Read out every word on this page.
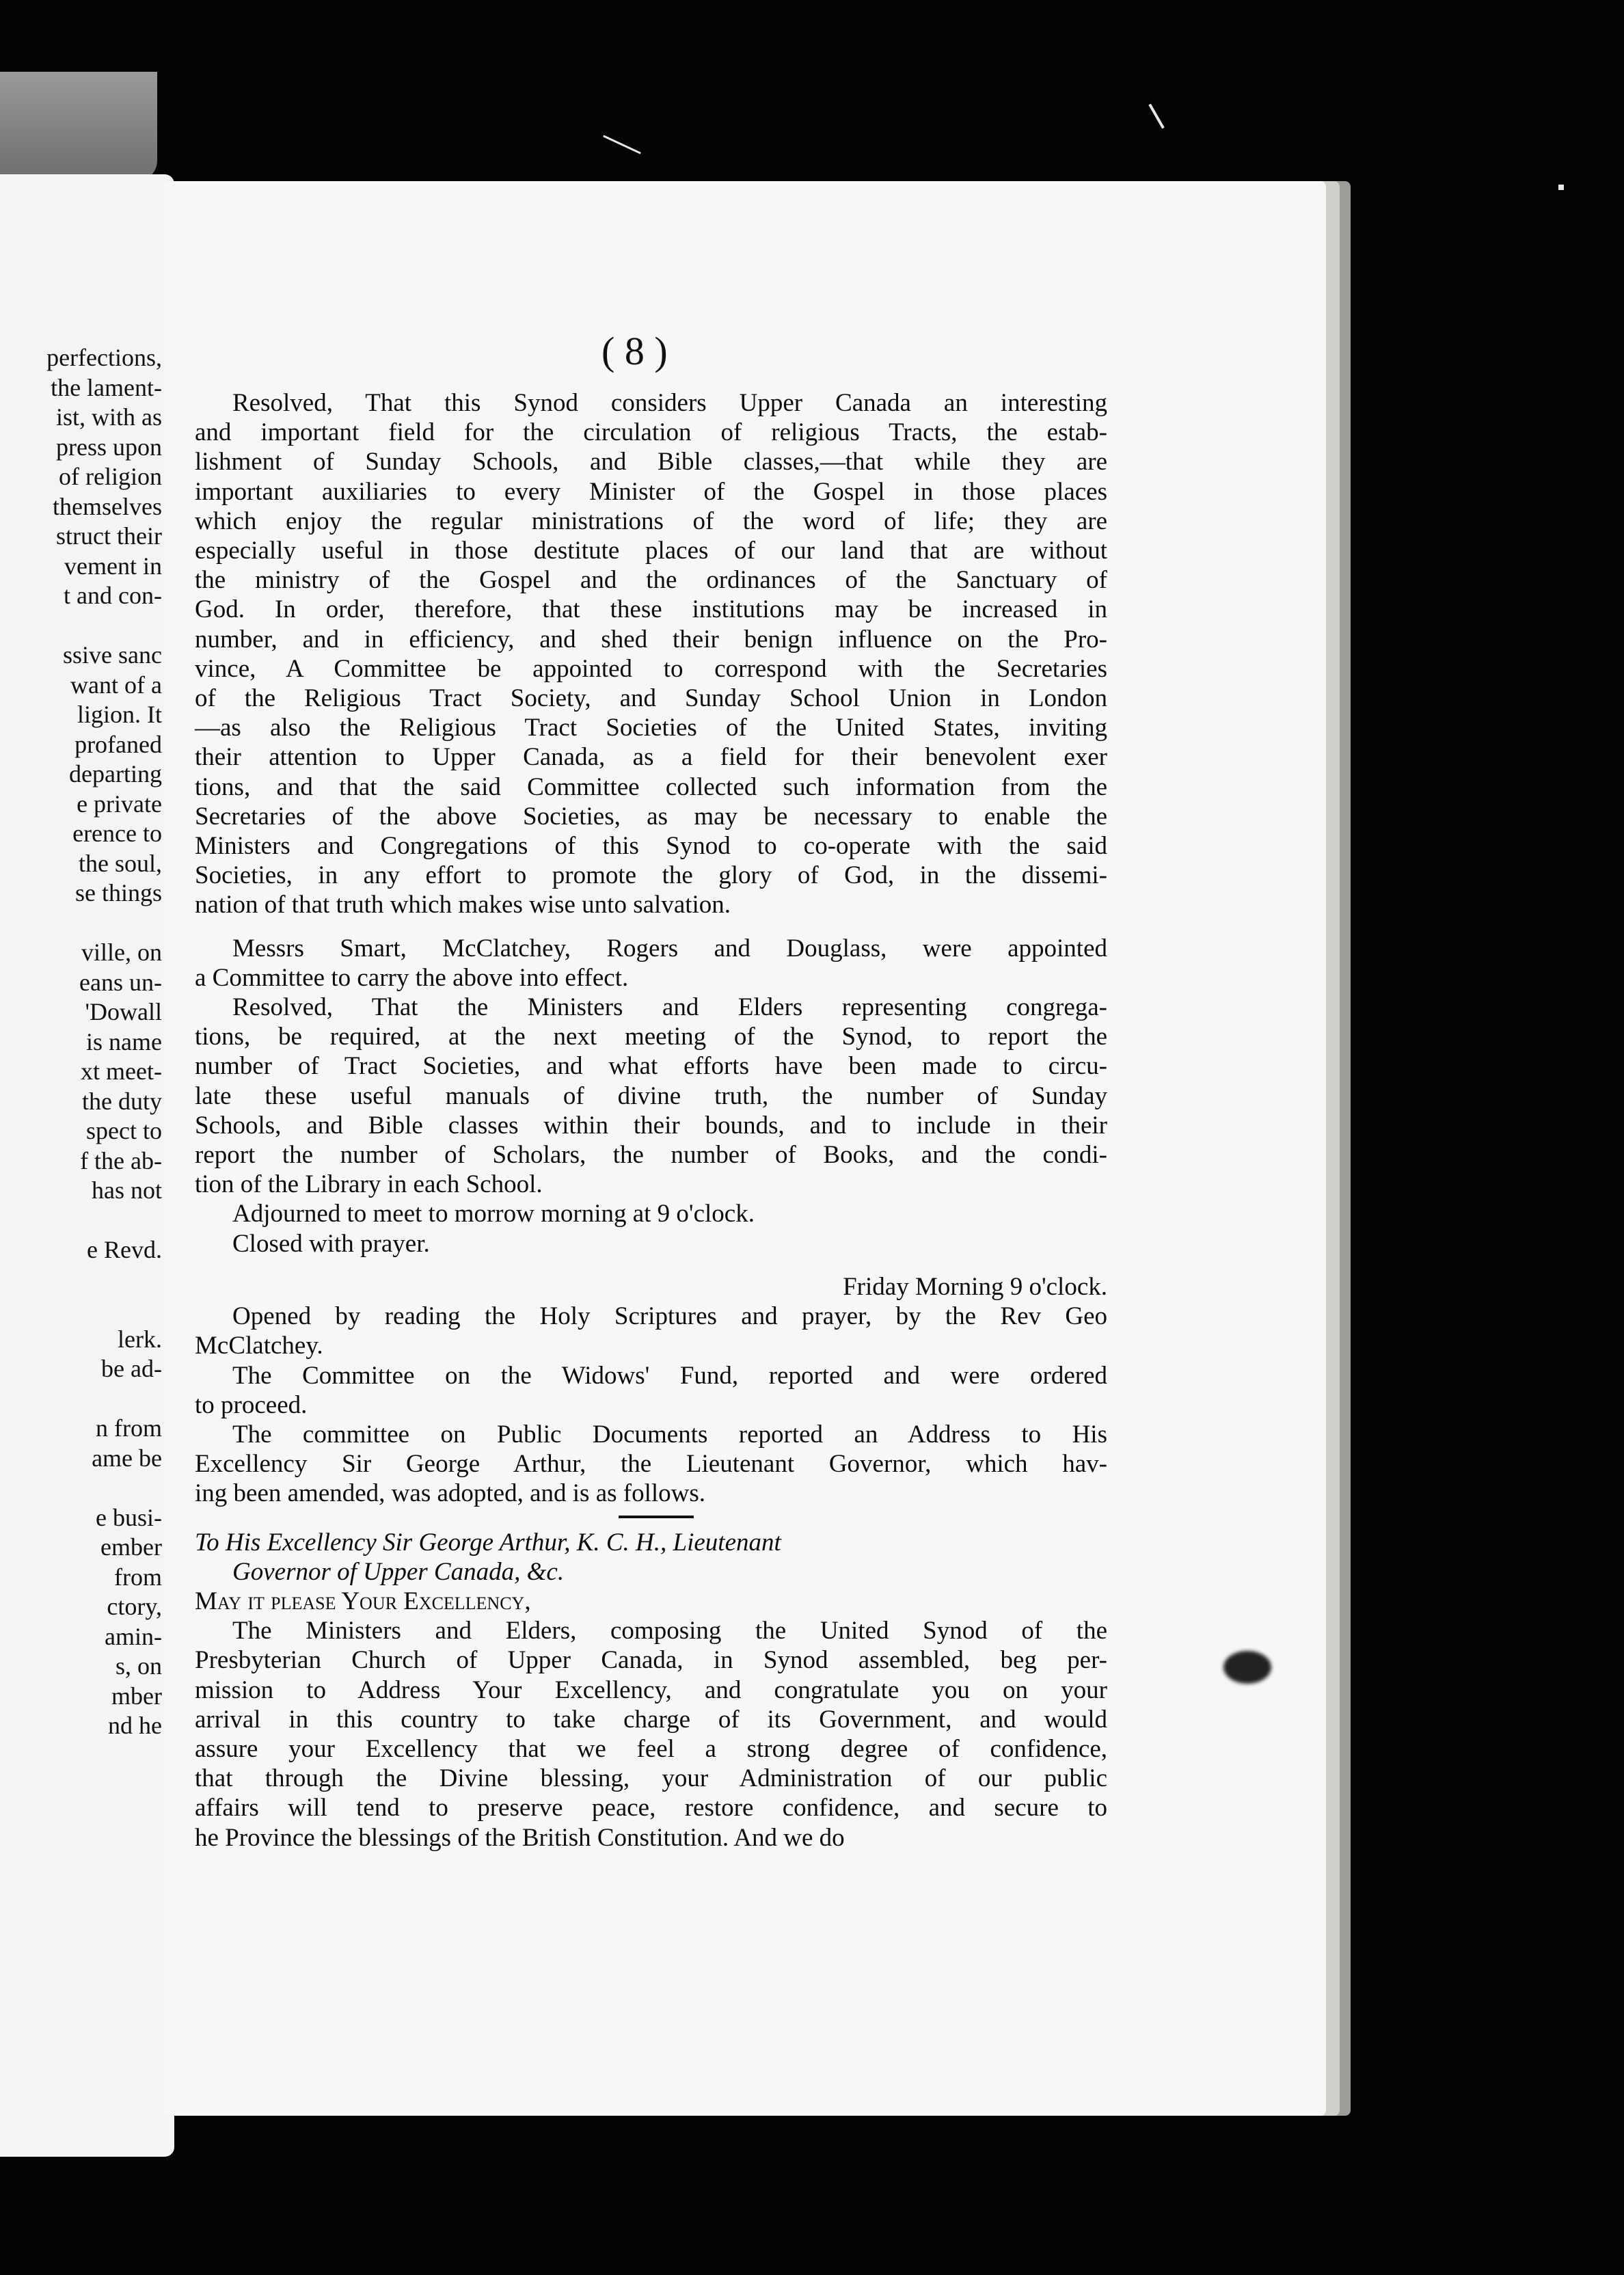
perfections,
the lament-
ist, with as
press upon
of religion
themselves
struct their
vement in
t and con-
ssive sanc
want of a
ligion. It
profaned
departing
e private
erence to
the soul,
se things
ville, on
eans un-
'Dowall
is name
xt meet-
the duty
spect to
f the ab-
has not
e Revd.
lerk.
be ad-
n from
ame be
e busi-
ember
from
ctory,
amin-
s, on
mber
nd he
( 8 )
Resolved, That this Synod considers Upper Canada an interesting
and important field for the circulation of religious Tracts, the estab-
lishment of Sunday Schools, and Bible classes,—that while they are
important auxiliaries to every Minister of the Gospel in those places
which enjoy the regular ministrations of the word of life; they are
especially useful in those destitute places of our land that are without
the ministry of the Gospel and the ordinances of the Sanctuary of
God. In order, therefore, that these institutions may be increased in
number, and in efficiency, and shed their benign influence on the Pro-
vince, A Committee be appointed to correspond with the Secretaries
of the Religious Tract Society, and Sunday School Union in London
—as also the Religious Tract Societies of the United States, inviting
their attention to Upper Canada, as a field for their benevolent exer
tions, and that the said Committee collected such information from the
Secretaries of the above Societies, as may be necessary to enable the
Ministers and Congregations of this Synod to co-operate with the said
Societies, in any effort to promote the glory of God, in the dissemi-
nation of that truth which makes wise unto salvation.
Messrs Smart, McClatchey, Rogers and Douglass, were appointed
a Committee to carry the above into effect.
Resolved, That the Ministers and Elders representing congrega-
tions, be required, at the next meeting of the Synod, to report the
number of Tract Societies, and what efforts have been made to circu-
late these useful manuals of divine truth, the number of Sunday
Schools, and Bible classes within their bounds, and to include in their
report the number of Scholars, the number of Books, and the condi-
tion of the Library in each School.
Adjourned to meet to morrow morning at 9 o'clock.
Closed with prayer.
Friday Morning 9 o'clock.
Opened by reading the Holy Scriptures and prayer, by the Rev Geo
McClatchey.
The Committee on the Widows' Fund, reported and were ordered
to proceed.
The committee on Public Documents reported an Address to His
Excellency Sir George Arthur, the Lieutenant Governor, which hav-
ing been amended, was adopted, and is as follows.
To His Excellency Sir George Arthur, K. C. H., Lieutenant
Governor of Upper Canada, &c.
May it please Your Excellency,
The Ministers and Elders, composing the United Synod of the
Presbyterian Church of Upper Canada, in Synod assembled, beg per-
mission to Address Your Excellency, and congratulate you on your
arrival in this country to take charge of its Government, and would
assure your Excellency that we feel a strong degree of confidence,
that through the Divine blessing, your Administration of our public
affairs will tend to preserve peace, restore confidence, and secure to
he Province the blessings of the British Constitution. And we do
